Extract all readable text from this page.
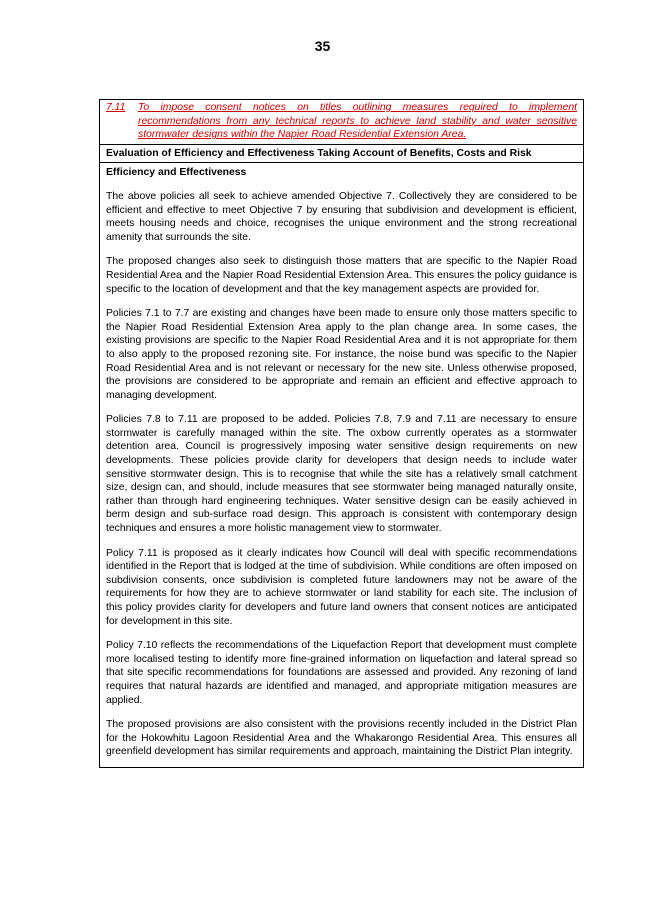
35
7.11	To impose consent notices on titles outlining measures required to implement recommendations from any technical reports to achieve land stability and water sensitive stormwater designs within the Napier Road Residential Extension Area.
Evaluation of Efficiency and Effectiveness Taking Account of Benefits, Costs and Risk
Efficiency and Effectiveness

The above policies all seek to achieve amended Objective 7. Collectively they are considered to be efficient and effective to meet Objective 7 by ensuring that subdivision and development is efficient, meets housing needs and choice, recognises the unique environment and the strong recreational amenity that surrounds the site.

The proposed changes also seek to distinguish those matters that are specific to the Napier Road Residential Area and the Napier Road Residential Extension Area. This ensures the policy guidance is specific to the location of development and that the key management aspects are provided for.

Policies 7.1 to 7.7 are existing and changes have been made to ensure only those matters specific to the Napier Road Residential Extension Area apply to the plan change area. In some cases, the existing provisions are specific to the Napier Road Residential Area and it is not appropriate for them to also apply to the proposed rezoning site. For instance, the noise bund was specific to the Napier Road Residential Area and is not relevant or necessary for the new site. Unless otherwise proposed, the provisions are considered to be appropriate and remain an efficient and effective approach to managing development.

Policies 7.8 to 7.11 are proposed to be added. Policies 7.8, 7.9 and 7.11 are necessary to ensure stormwater is carefully managed within the site. The oxbow currently operates as a stormwater detention area. Council is progressively imposing water sensitive design requirements on new developments. These policies provide clarity for developers that design needs to include water sensitive stormwater design. This is to recognise that while the site has a relatively small catchment size, design can, and should, include measures that see stormwater being managed naturally onsite, rather than through hard engineering techniques. Water sensitive design can be easily achieved in berm design and sub-surface road design. This approach is consistent with contemporary design techniques and ensures a more holistic management view to stormwater.

Policy 7.11 is proposed as it clearly indicates how Council will deal with specific recommendations identified in the Report that is lodged at the time of subdivision. While conditions are often imposed on subdivision consents, once subdivision is completed future landowners may not be aware of the requirements for how they are to achieve stormwater or land stability for each site. The inclusion of this policy provides clarity for developers and future land owners that consent notices are anticipated for development in this site.

Policy 7.10 reflects the recommendations of the Liquefaction Report that development must complete more localised testing to identify more fine-grained information on liquefaction and lateral spread so that site specific recommendations for foundations are assessed and provided. Any rezoning of land requires that natural hazards are identified and managed, and appropriate mitigation measures are applied.

The proposed provisions are also consistent with the provisions recently included in the District Plan for the Hokowhitu Lagoon Residential Area and the Whakarongo Residential Area. This ensures all greenfield development has similar requirements and approach, maintaining the District Plan integrity.
